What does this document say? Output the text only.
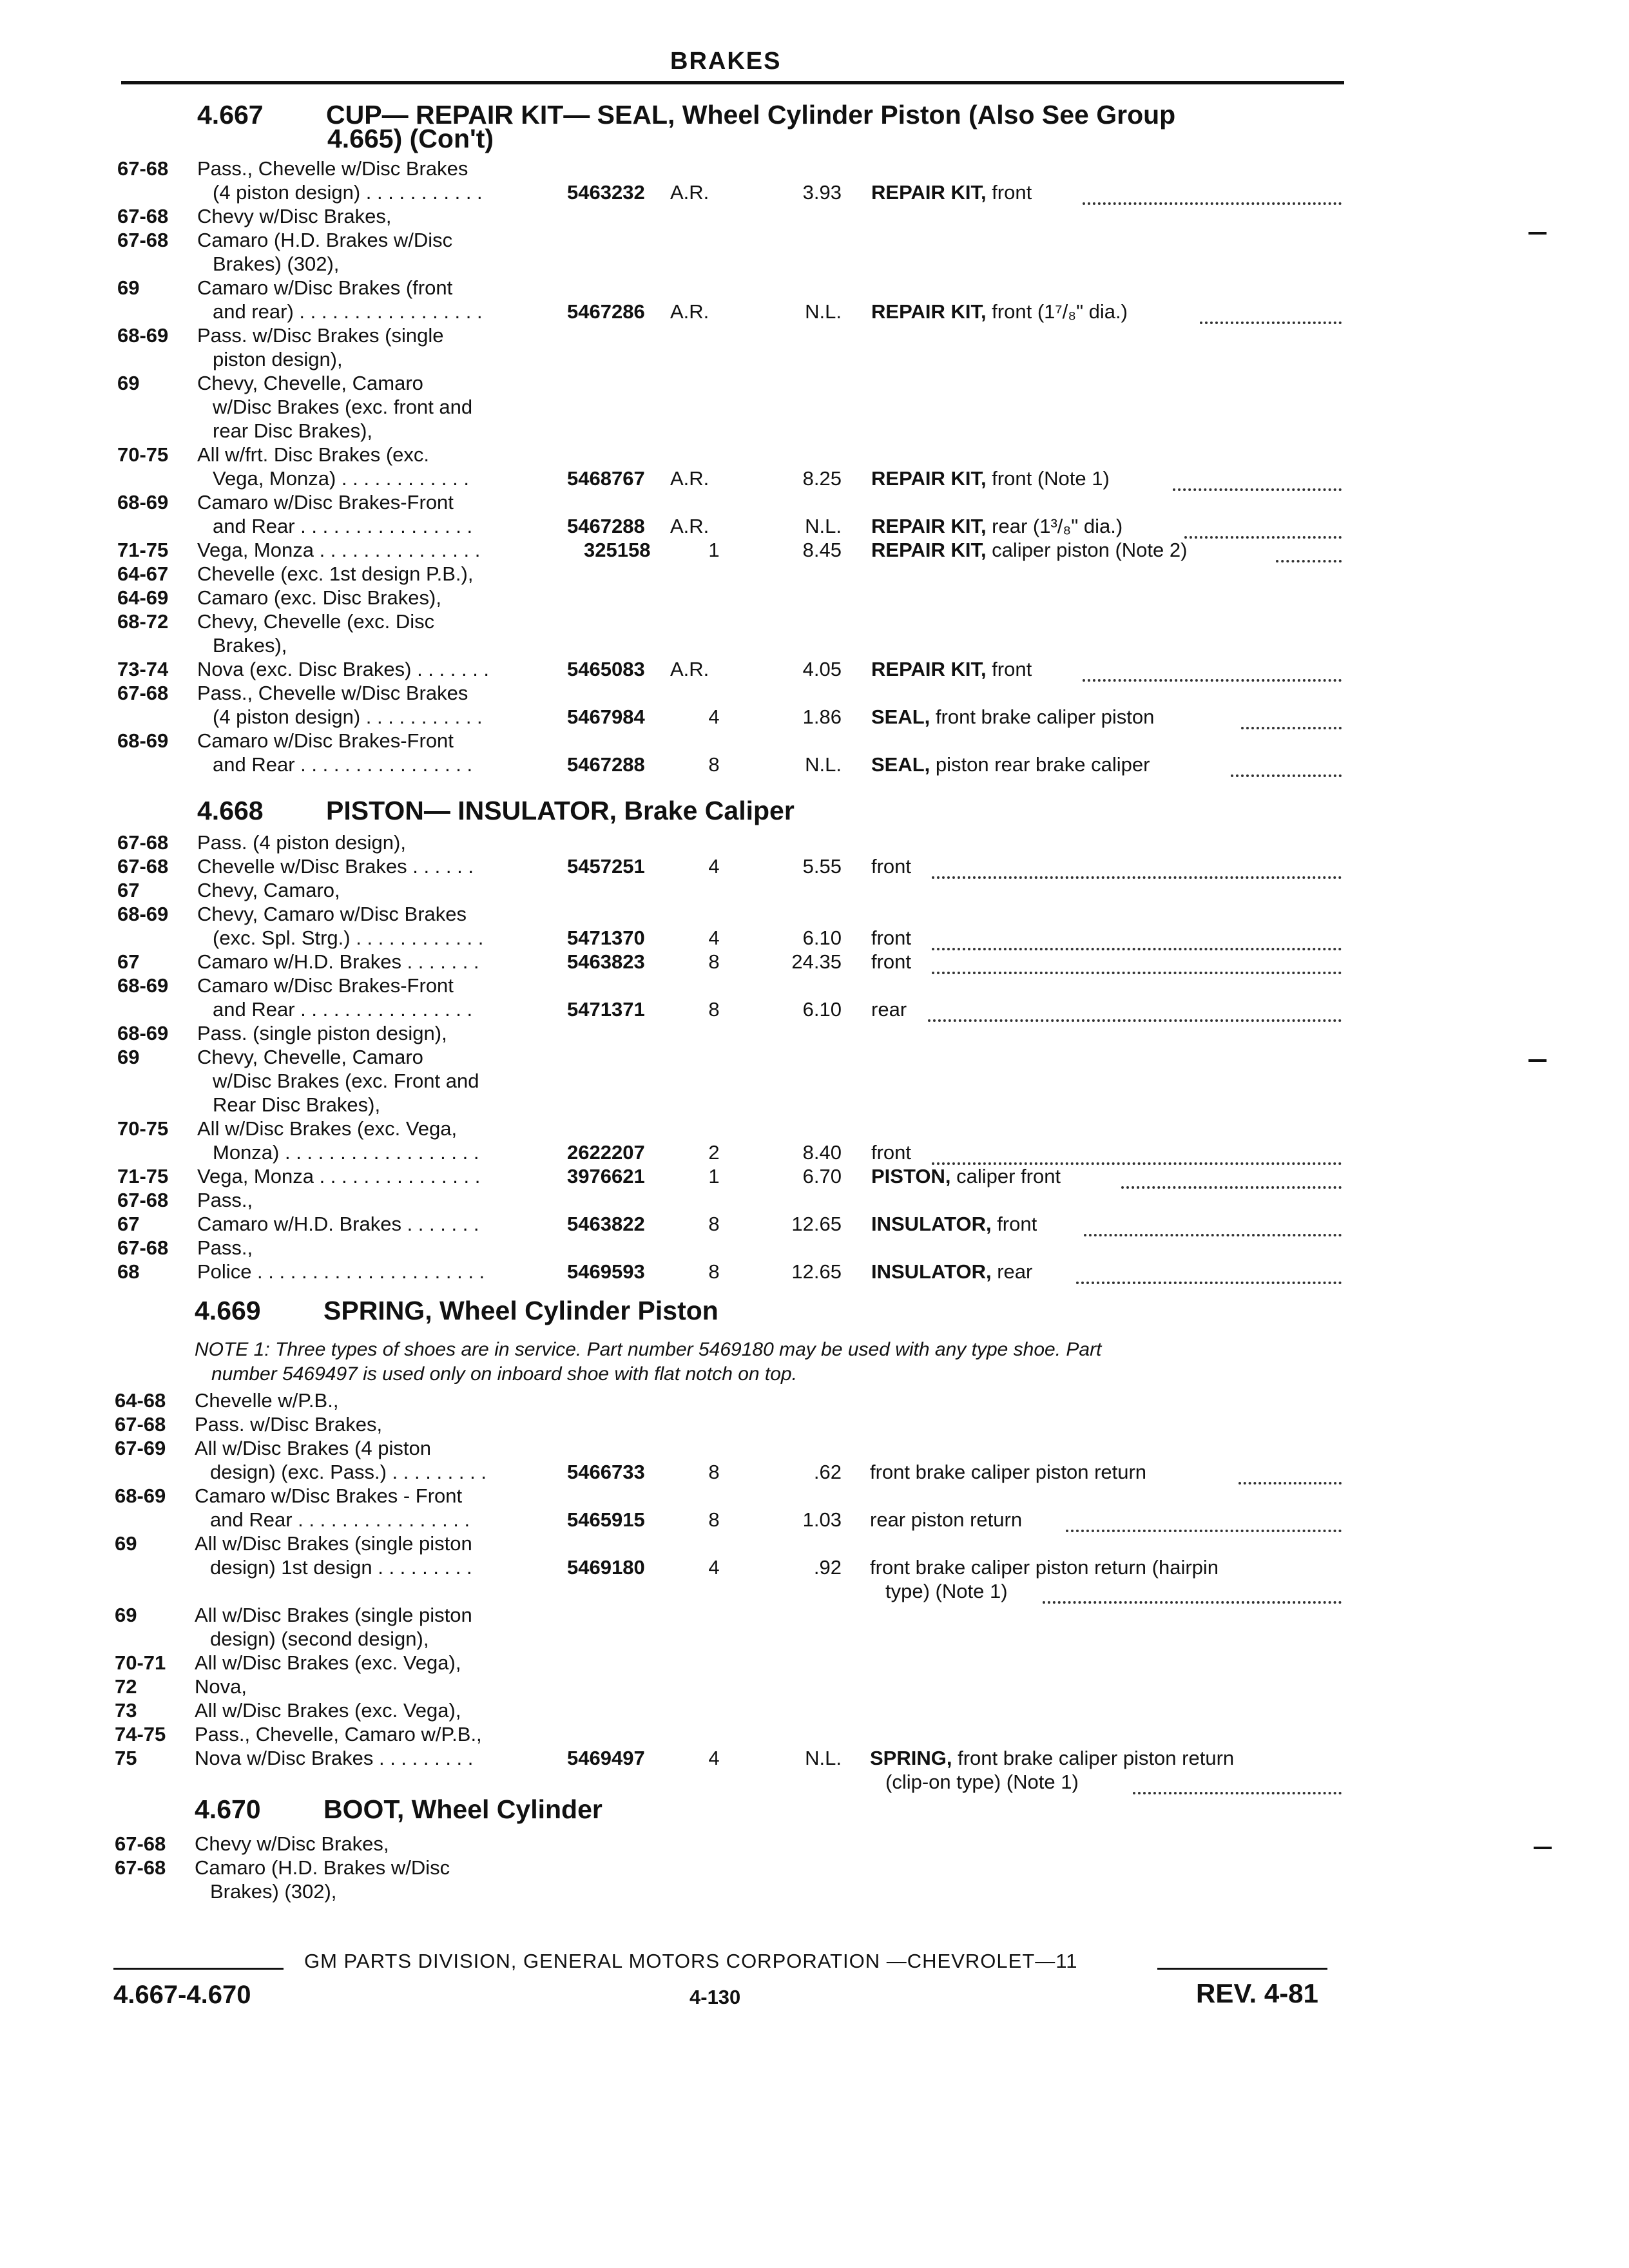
BRAKES
4.667 CUP— REPAIR KIT— SEAL, Wheel Cylinder Piston (Also See Group
4.665) (Con't)
67-68 Pass., Chevelle w/Disc Brakes
(4 piston design) . . . . . . . . . . .	5463232 A.R.	3.93 REPAIR KIT, front
67-68 Chevy w/Disc Brakes,
67-68 Camaro (H.D. Brakes w/Disc
Brakes) (302),
69	Camaro w/Disc Brakes (front
and rear) . . . . . . . . . . . . . . . . .	5467286 A.R.	N.L. REPAIR KIT, front (1⁷/₈" dia.)
68-69 Pass. w/Disc Brakes (single
piston design),
69	Chevy, Chevelle, Camaro
w/Disc Brakes (exc. front and
rear Disc Brakes),
70-75 All w/frt. Disc Brakes (exc.
Vega, Monza) . . . . . . . . . . . .	5468767 A.R.	8.25 REPAIR KIT, front (Note 1)
68-69 Camaro w/Disc Brakes-Front
and Rear . . . . . . . . . . . . . . . .	5467288 A.R.	N.L. REPAIR KIT, rear (1³/₈" dia.)
71-75 Vega, Monza . . . . . . . . . . . . . . .	325158	1	8.45 REPAIR KIT, caliper piston (Note 2)
64-67 Chevelle (exc. 1st design P.B.),
64-69 Camaro (exc. Disc Brakes),
68-72 Chevy, Chevelle (exc. Disc
Brakes),
73-74 Nova (exc. Disc Brakes) . . . . . . .	5465083 A.R.	4.05 REPAIR KIT, front
67-68 Pass., Chevelle w/Disc Brakes
(4 piston design) . . . . . . . . . . .	5467984	4	1.86 SEAL, front brake caliper piston
68-69 Camaro w/Disc Brakes-Front
and Rear . . . . . . . . . . . . . . . .	5467288	8	N.L. SEAL, piston rear brake caliper
4.668 PISTON— INSULATOR, Brake Caliper
67-68 Pass. (4 piston design),
67-68 Chevelle w/Disc Brakes . . . . . .	5457251	4	5.55 front
67	Chevy, Camaro,
68-69 Chevy, Camaro w/Disc Brakes
(exc. Spl. Strg.) . . . . . . . . . . . .	5471370	4	6.10 front
67	Camaro w/H.D. Brakes . . . . . . .	5463823	8	24.35 front
68-69 Camaro w/Disc Brakes-Front
and Rear . . . . . . . . . . . . . . . .	5471371	8	6.10 rear
68-69 Pass. (single piston design),
69	Chevy, Chevelle, Camaro
w/Disc Brakes (exc. Front and
Rear Disc Brakes),
70-75 All w/Disc Brakes (exc. Vega,
Monza) . . . . . . . . . . . . . . . . . .	2622207	2	8.40 front
71-75 Vega, Monza . . . . . . . . . . . . . . .	3976621	1	6.70 PISTON, caliper front
67-68 Pass.,
67	Camaro w/H.D. Brakes . . . . . . .	5463822	8	12.65 INSULATOR, front
67-68 Pass.,
68	Police . . . . . . . . . . . . . . . . . . . . .	5469593	8	12.65 INSULATOR, rear
4.669 SPRING, Wheel Cylinder Piston
NOTE 1: Three types of shoes are in service. Part number 5469180 may be used with any type shoe. Part
number 5469497 is used only on inboard shoe with flat notch on top.
64-68 Chevelle w/P.B.,
67-68 Pass. w/Disc Brakes,
67-69 All w/Disc Brakes (4 piston
design) (exc. Pass.) . . . . . . . . .	5466733	8	.62 front brake caliper piston return
68-69 Camaro w/Disc Brakes - Front
and Rear . . . . . . . . . . . . . . . .	5465915	8	1.03 rear piston return
69	All w/Disc Brakes (single piston
design) 1st design . . . . . . . . .	5469180	4	.92 front brake caliper piston return (hairpin
type) (Note 1)
69	All w/Disc Brakes (single piston
design) (second design),
70-71 All w/Disc Brakes (exc. Vega),
72	Nova,
73	All w/Disc Brakes (exc. Vega),
74-75 Pass., Chevelle, Camaro w/P.B.,
75	Nova w/Disc Brakes . . . . . . . . .	5469497	4	N.L. SPRING, front brake caliper piston return
(clip-on type) (Note 1)
4.670 BOOT, Wheel Cylinder
67-68 Chevy w/Disc Brakes,
67-68 Camaro (H.D. Brakes w/Disc
Brakes) (302),
4.667-4.670
GM PARTS DIVISION, GENERAL MOTORS CORPORATION —CHEVROLET—11
4-130	REV. 4-81
